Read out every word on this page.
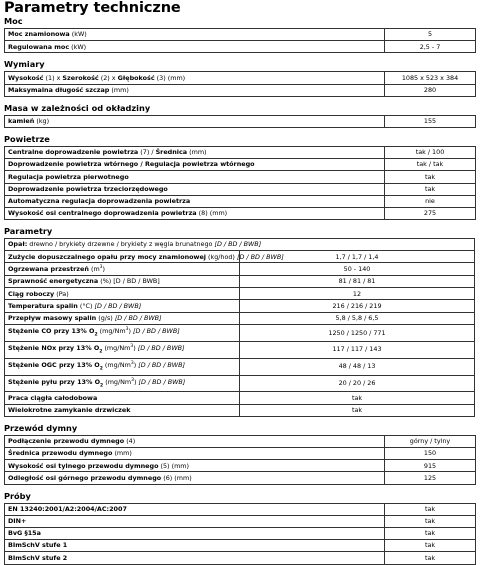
Parametry techniczne
Moc
Moc znamionowa (kW)	5
Regulowana moc (kW)	2,5 - 7
Wymiary
Wysokość (1) x Szerokość (2) x Głębokość (3) (mm)	1085 x 523 x 384
Maksymalna długość szczap (mm)	280
Masa w zależności od okładziny
kamień (kg)	155
Powietrze
Centralne doprowadzenie powietrza (7) / Średnica (mm)	tak / 100
Doprowadzenie powietrza wtórnego / Regulacja powietrza wtórnego	tak / tak
Regulacja powietrza pierwotnego	tak
Doprowadzenie powietrza trzeciorzędowego	tak
Automatyczna regulacja doprowadzenia powietrza	nie
Wysokość osi centralnego doprowadzenia powietrza (8) (mm)	275
Parametry
Opał: drewno / brykiety drzewne / brykiety z węgla brunatnego [D / BD / BWB]	
Zużycie dopuszczalnego opału przy mocy znamionowej (kg/hod) [D / BD / BWB]	1,7 / 1,7 / 1,4
Ogrzewana przestrzeń $(m^3)$	50 - 140
Sprawność energetyczna (%) [D / BD / BWB]	81 / 81 / 81
Ciąg roboczy (Pa)	12
Temperatura spalin (°C) [D / BD / BWB]	216 / 216 / 219
Przepływ masowy spalin (g/s) [D / BD / BWB]	5,8 / 5,8 / 6,5
Stężenie CO przy 13% $O_2$ (mg/Nm$^3$) [D / BD / BWB]	1250 / 1250 / 771
Stężenie NOx przy 13% $O_2$ (mg/Nm$^3$) [D / BD / BWB]	117 / 117 / 143
Stężenie OGC przy 13% $O_2$ (mg/Nm$^3$) [D / BD / BWB]	48 / 48 / 13
Stężenie pyłu przy 13% $O_2$ (mg/Nm$^3$) [D / BD / BWB]	20 / 20 / 26
Praca ciągła całodobowa	tak
Wielokrotne zamykanie drzwiczek	tak
Przewód dymny
Podłączenie przewodu dymnego (4)	górny / tylny
Średnica przewodu dymnego (mm)	150
Wysokość osi tylnego przewodu dymnego (5) (mm)	915
Odległość osi górnego przewodu dymnego (6) (mm)	125
Próby
EN 13240:2001/A2:2004/AC:2007	tak
DIN+	tak
BvG §15a	tak
BImSchV stufe 1	tak
BImSchV stufe 2	tak
